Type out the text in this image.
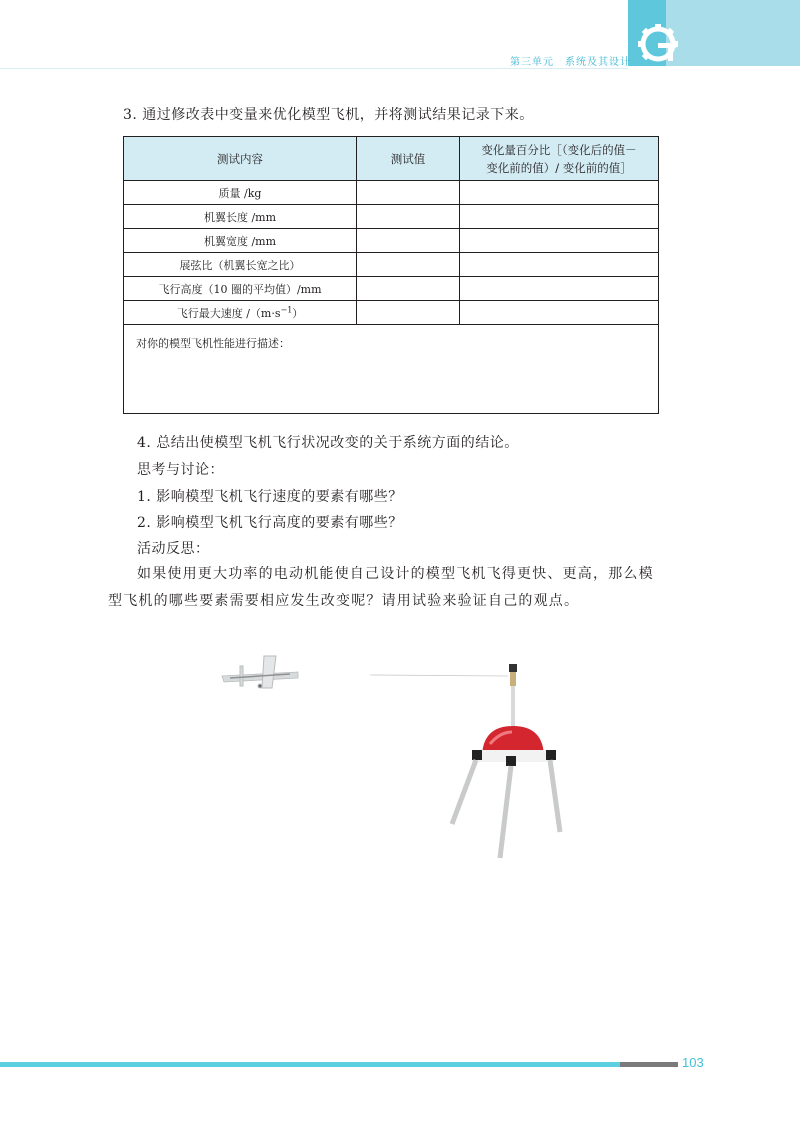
第三单元　系统及其设计
3. 通过修改表中变量来优化模型飞机，并将测试结果记录下来。
测试内容	测试值	变化量百分比［（变化后的值－
变化前的值）/ 变化前的值］
质量 /kg		
机翼长度 /mm		
机翼宽度 /mm		
展弦比（机翼长宽之比）		
飞行高度（10 圈的平均值）/mm		
飞行最大速度 $/(m\cdot s^{-1})$		
对你的模型飞机性能进行描述：		
4. 总结出使模型飞机飞行状况改变的关于系统方面的结论。
思考与讨论：
1. 影响模型飞机飞行速度的要素有哪些？
2. 影响模型飞机飞行高度的要素有哪些？
活动反思：
如果使用更大功率的电动机能使自己设计的模型飞机飞得更快、更高，那么模
型飞机的哪些要素需要相应发生改变呢？请用试验来验证自己的观点。
103
